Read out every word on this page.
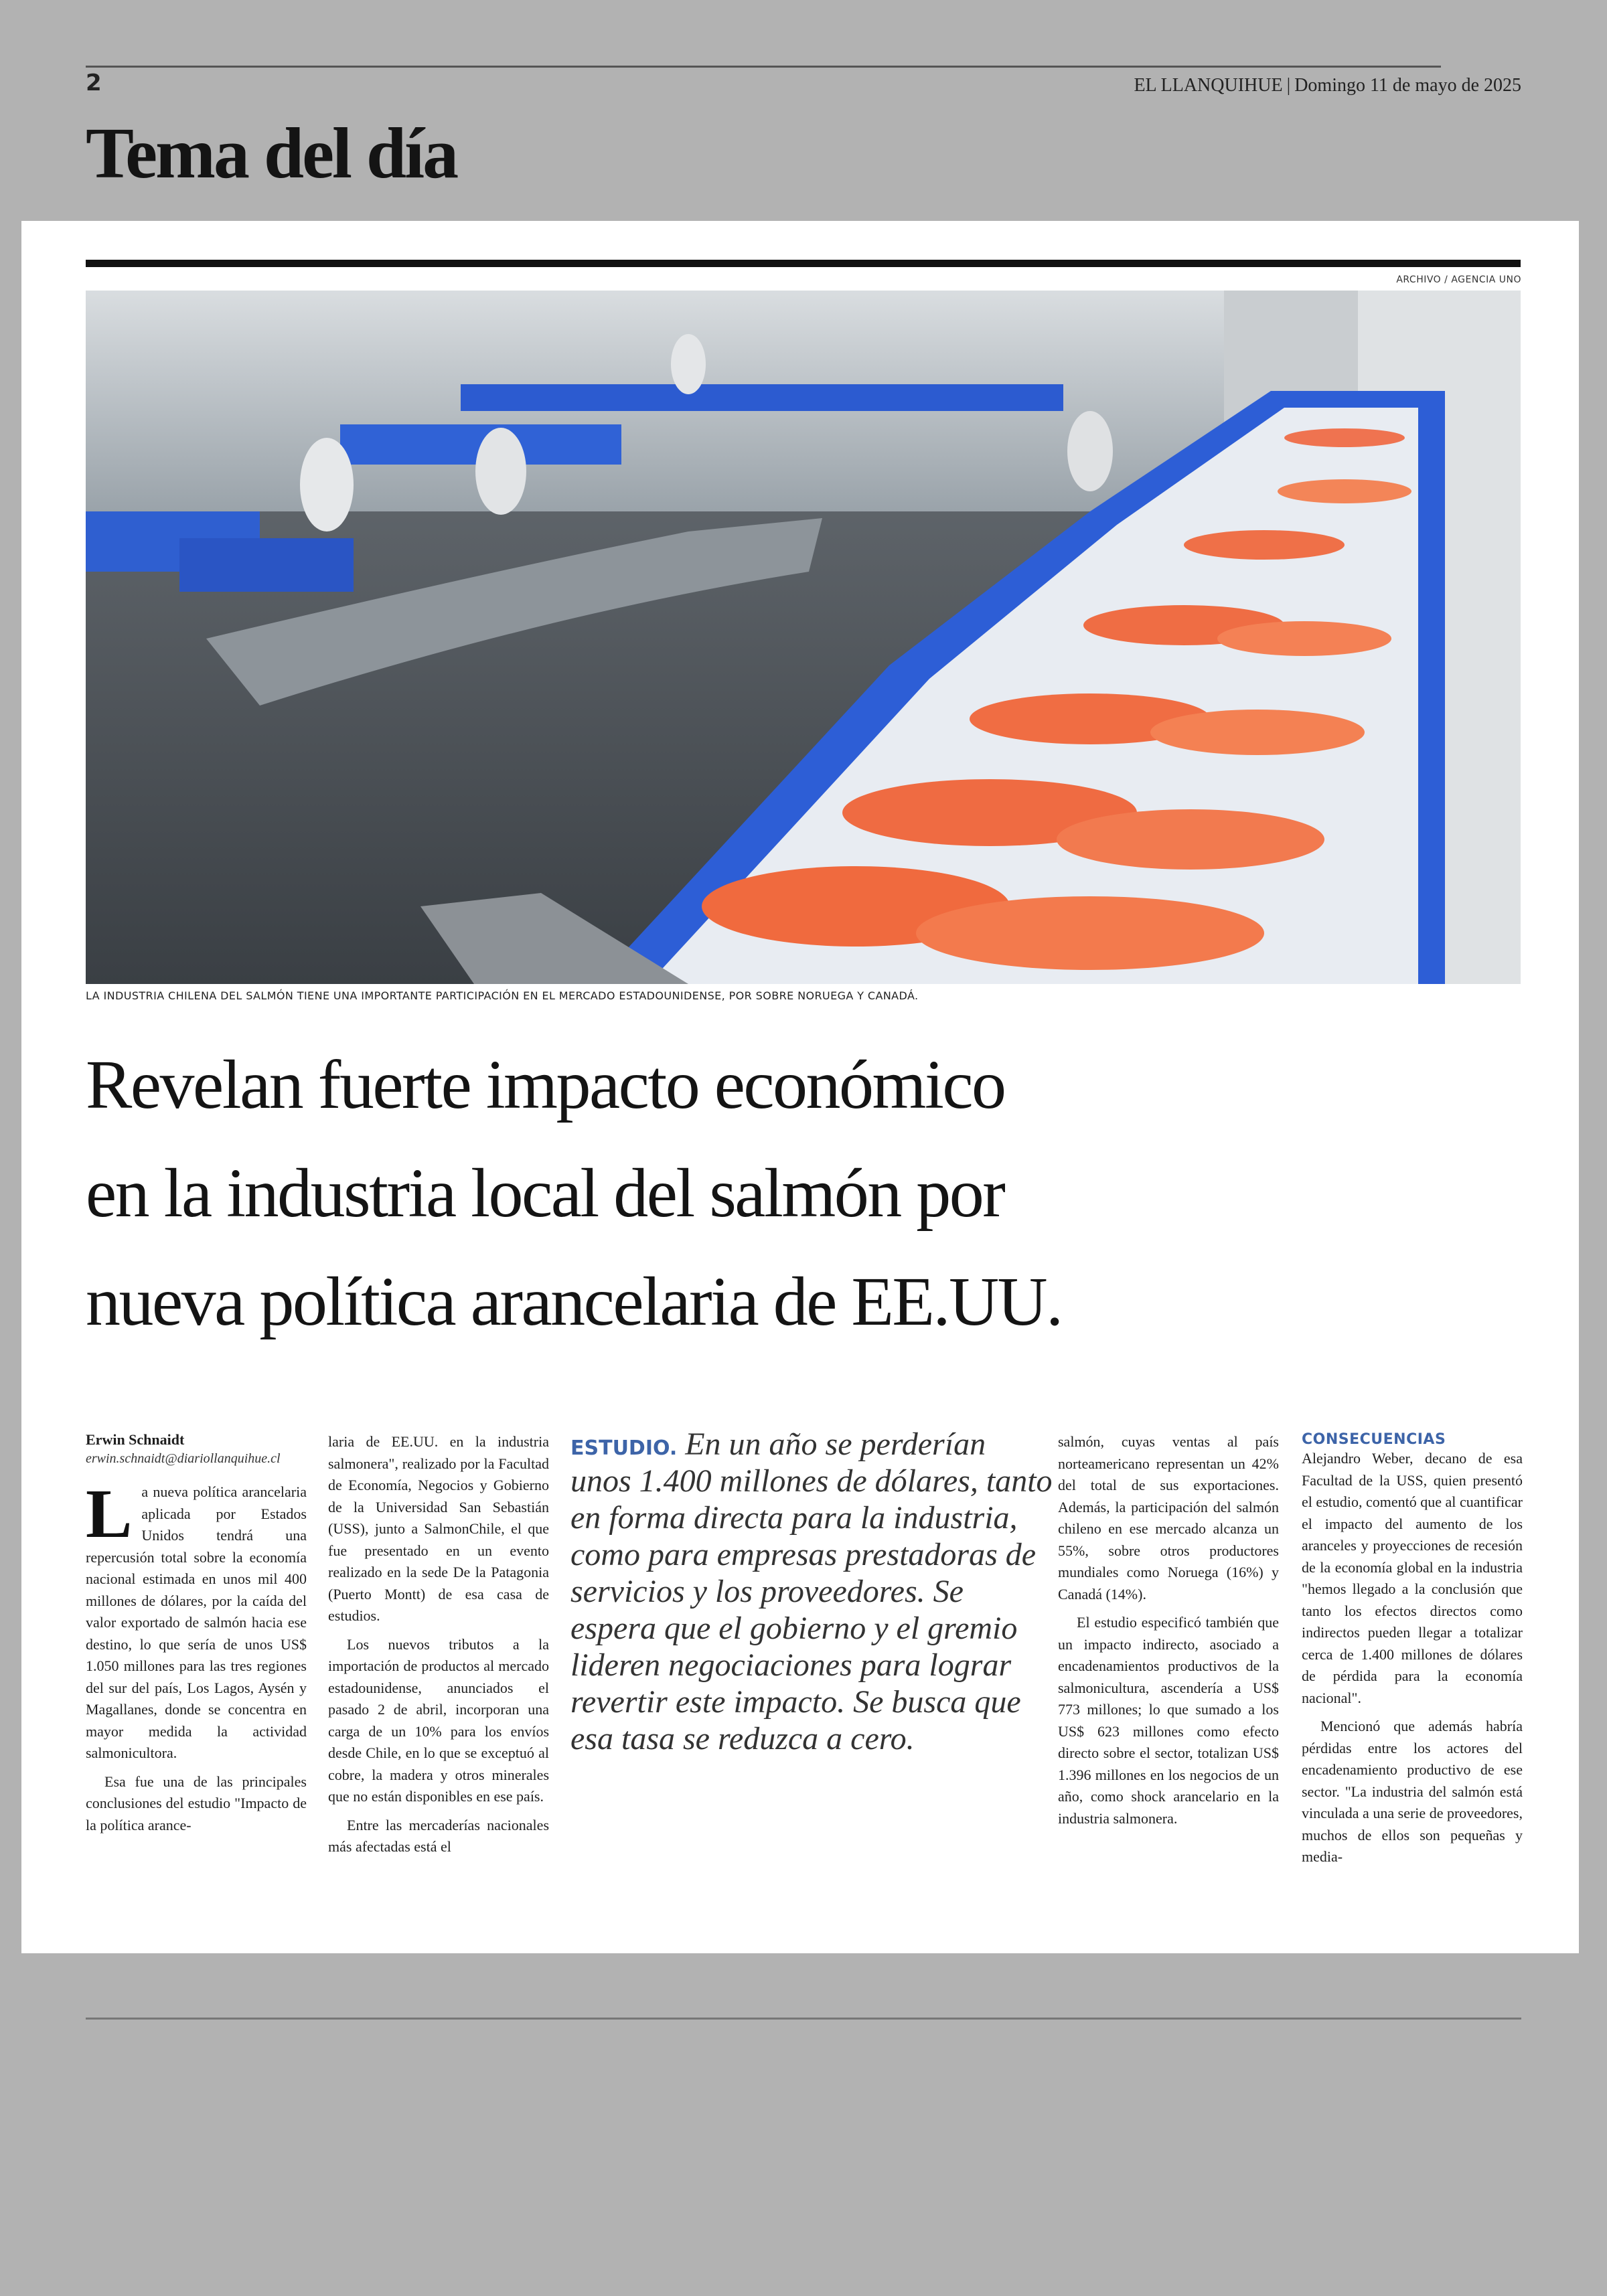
2	EL LLANQUIHUE | Domingo 11 de mayo de 2025
Tema del día
ARCHIVO / AGENCIA UNO
LA INDUSTRIA CHILENA DEL SALMÓN TIENE UNA IMPORTANTE PARTICIPACIÓN EN EL MERCADO ESTADOUNIDENSE, POR SOBRE NORUEGA Y CANADÁ.
Revelan fuerte impacto económico
en la industria local del salmón por
nueva política arancelaria de EE.UU.
Erwin Schnaidt
erwin.schnaidt@diariollanquihue.cl

La nueva política arancelaria aplicada por Estados Unidos tendrá una repercusión total sobre la economía nacional estimada en unos mil 400 millones de dólares, por la caída del valor exportado de salmón hacia ese destino, lo que sería de unos US$ 1.050 millones para las tres regiones del sur del país, Los Lagos, Aysén y Magallanes, donde se concentra en mayor medida la actividad salmonicultora.

Esa fue una de las principales conclusiones del estudio "Impacto de la política arance-

laria de EE.UU. en la industria salmonera", realizado por la Facultad de Economía, Negocios y Gobierno de la Universidad San Sebastián (USS), junto a SalmonChile, el que fue presentado en un evento realizado en la sede De la Patagonia (Puerto Montt) de esa casa de estudios.

Los nuevos tributos a la importación de productos al mercado estadounidense, anunciados el pasado 2 de abril, incorporan una carga de un 10% para los envíos desde Chile, en lo que se exceptuó al cobre, la madera y otros minerales que no están disponibles en ese país.

Entre las mercaderías nacionales más afectadas está el

ESTUDIO. En un año se perderían unos 1.400 millones de dólares, tanto en forma directa para la industria, como para empresas prestadoras de servicios y los proveedores. Se espera que el gobierno y el gremio lideren negociaciones para lograr revertir este impacto. Se busca que esa tasa se reduzca a cero.

salmón, cuyas ventas al país norteamericano representan un 42% del total de sus exportaciones. Además, la participación del salmón chileno en ese mercado alcanza un 55%, sobre otros productores mundiales como Noruega (16%) y Canadá (14%).

El estudio especificó también que un impacto indirecto, asociado a encadenamientos productivos de la salmonicultura, ascendería a US$ 773 millones; lo que sumado a los US$ 623 millones como efecto directo sobre el sector, totalizan US$ 1.396 millones en los negocios de un año, como shock arancelario en la industria salmonera.

CONSECUENCIAS

Alejandro Weber, decano de esa Facultad de la USS, quien presentó el estudio, comentó que al cuantificar el impacto del aumento de los aranceles y proyecciones de recesión de la economía global en la industria "hemos llegado a la conclusión que tanto los efectos directos como indirectos pueden llegar a totalizar cerca de 1.400 millones de dólares de pérdida para la economía nacional".

Mencionó que además habría pérdidas entre los actores del encadenamiento productivo de ese sector. "La industria del salmón está vinculada a una serie de proveedores, muchos de ellos son pequeñas y media-
